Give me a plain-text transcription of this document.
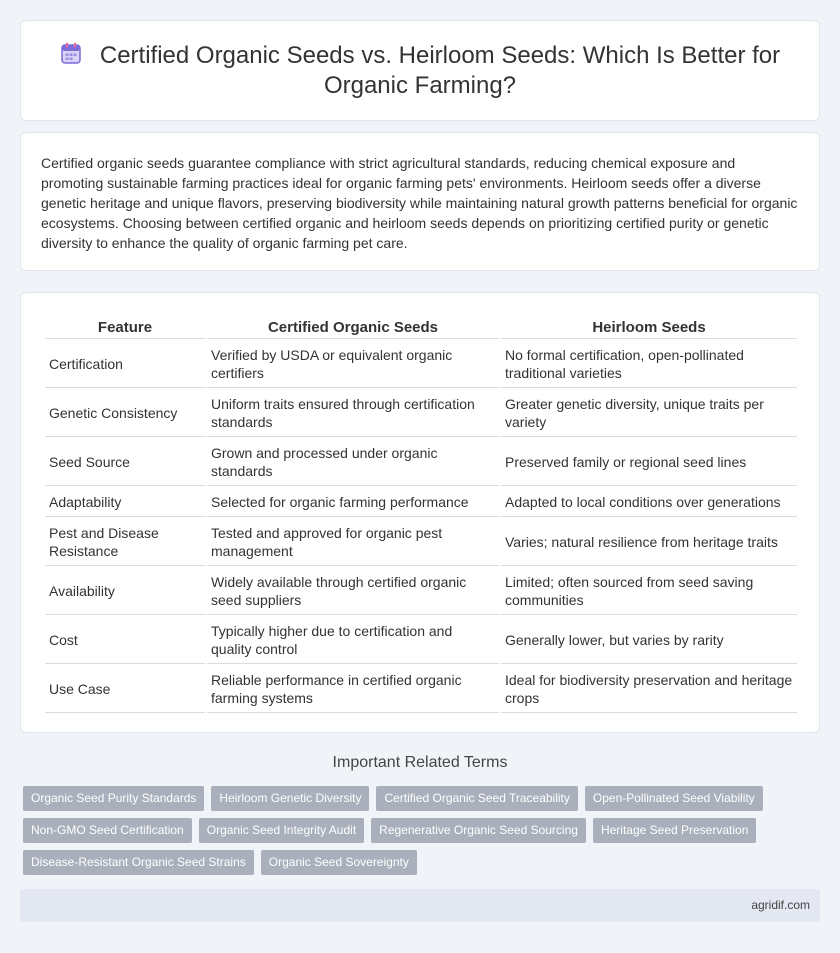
Certified Organic Seeds vs. Heirloom Seeds: Which Is Better for Organic Farming?

Certified organic seeds guarantee compliance with strict agricultural standards, reducing chemical exposure and promoting sustainable farming practices ideal for organic farming pets' environments. Heirloom seeds offer a diverse genetic heritage and unique flavors, preserving biodiversity while maintaining natural growth patterns beneficial for organic ecosystems. Choosing between certified organic and heirloom seeds depends on prioritizing certified purity or genetic diversity to enhance the quality of organic farming pet care.

Feature	Certified Organic Seeds	Heirloom Seeds
Certification	Verified by USDA or equivalent organic certifiers	No formal certification, open-pollinated traditional varieties
Genetic Consistency	Uniform traits ensured through certification standards	Greater genetic diversity, unique traits per variety
Seed Source	Grown and processed under organic standards	Preserved family or regional seed lines
Adaptability	Selected for organic farming performance	Adapted to local conditions over generations
Pest and Disease Resistance	Tested and approved for organic pest management	Varies; natural resilience from heritage traits
Availability	Widely available through certified organic seed suppliers	Limited; often sourced from seed saving communities
Cost	Typically higher due to certification and quality control	Generally lower, but varies by rarity
Use Case	Reliable performance in certified organic farming systems	Ideal for biodiversity preservation and heritage crops
Important Related Terms
Organic Seed Purity Standards	Heirloom Genetic Diversity	Certified Organic Seed Traceability	Open-Pollinated Seed Viability
Non-GMO Seed Certification	Organic Seed Integrity Audit	Regenerative Organic Seed Sourcing	Heritage Seed Preservation
Disease-Resistant Organic Seed Strains	Organic Seed Sovereignty
agridif.com
